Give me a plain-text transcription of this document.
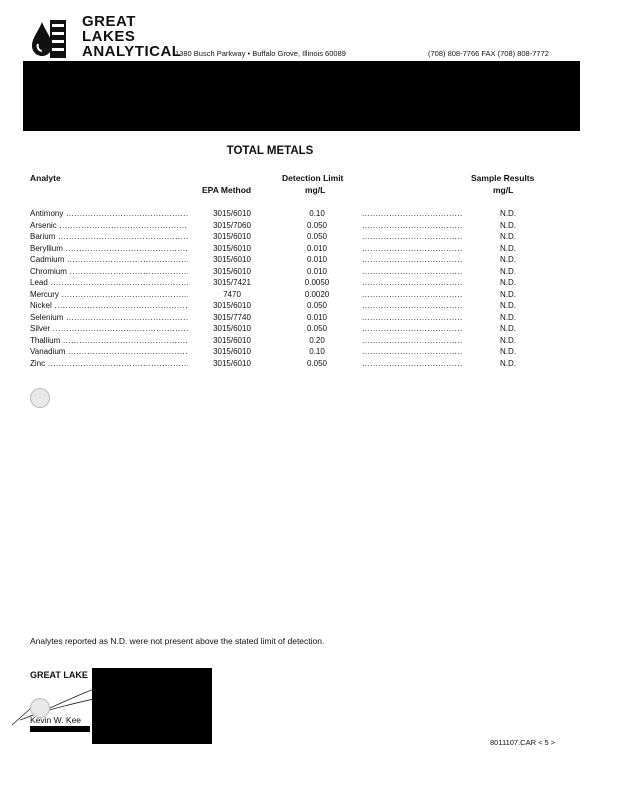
GREAT
LAKES
ANALYTICAL
1380 Busch Parkway • Buffalo Grove, Illinois 60089	(708) 808-7766 FAX (708) 808-7772
TOTAL METALS
Analyte
EPA Method
Detection Limit
mg/L
Sample Results
mg/L
Antimony .....	3015/6010	0.10 .....	N.D.
Arsenic .....	3015/7060	0.050 .....	N.D.
Barium .....	3015/6010	0.050 .....	N.D.
Beryllium .....	3015/6010	0.010 .....	N.D.
Cadmium .....	3015/6010	0.010 .....	N.D.
Chromium .....	3015/6010	0.010 .....	N.D.
Lead .....	3015/7421	0.0050 .....	N.D.
Mercury .....	7470	0.0020 .....	N.D.
Nickel .....	3015/6010	0.050 .....	N.D.
Selenium .....	3015/7740	0.010 .....	N.D.
Silver .....	3015/6010	0.050 .....	N.D.
Thallium .....	3015/6010	0.20 .....	N.D.
Vanadium .....	3015/6010	0.10 .....	N.D.
Zinc .....	3015/6010	0.050 .....	N.D.
Analytes reported as N.D. were not present above the stated limit of detection.
GREAT LAKE
Kevin W. Kee
8011107.CAR < 5 >
